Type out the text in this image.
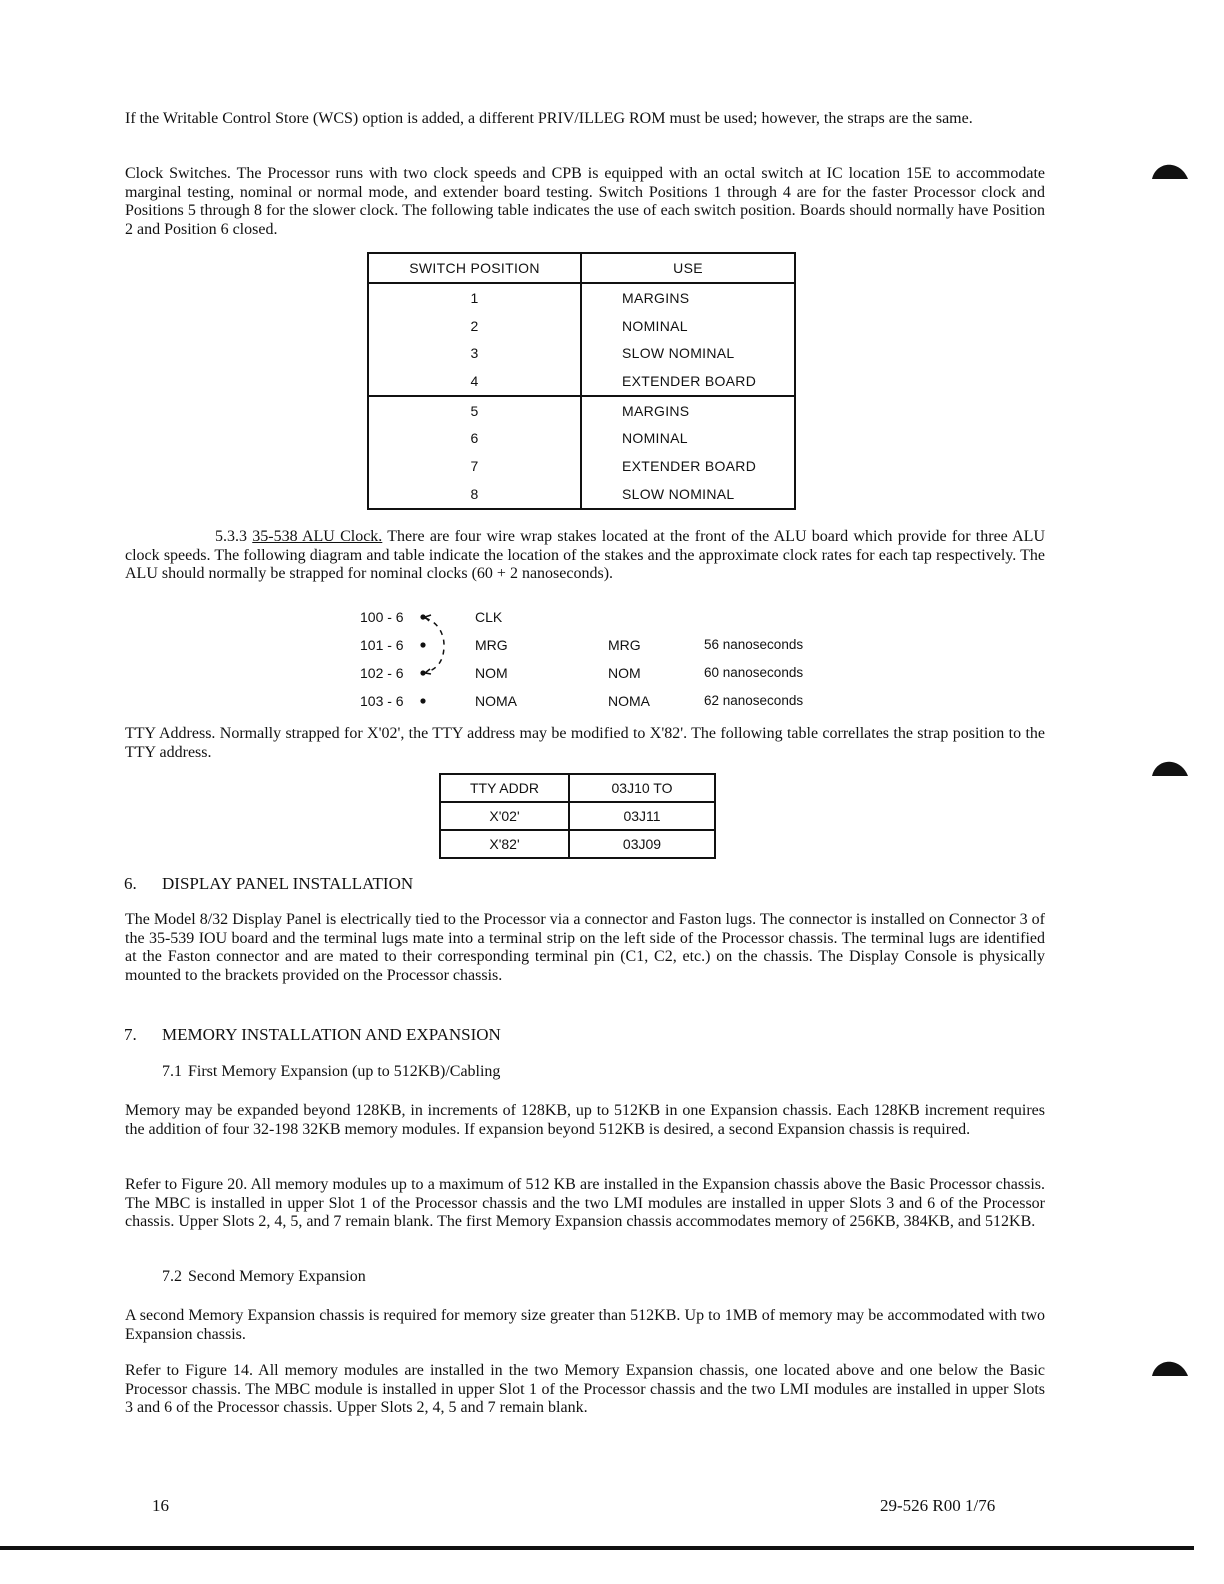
If the Writable Control Store (WCS) option is added, a different PRIV/ILLEG ROM must be used; however, the straps are the same.

Clock Switches. The Processor runs with two clock speeds and CPB is equipped with an octal switch at IC location 15E to accommodate marginal testing, nominal or normal mode, and extender board testing. Switch Positions 1 through 4 are for the faster Processor clock and Positions 5 through 8 for the slower clock. The following table indicates the use of each switch position. Boards should normally have Position 2 and Position 6 closed.

SWITCH POSITION	USE
1	MARGINS
2	NOMINAL
3	SLOW NOMINAL
4	EXTENDER BOARD
5	MARGINS
6	NOMINAL
7	EXTENDER BOARD
8	SLOW NOMINAL

5.3.3 35-538 ALU Clock. There are four wire wrap stakes located at the front of the ALU board which provide for three ALU clock speeds. The following diagram and table indicate the location of the stakes and the approximate clock rates for each tap respectively. The ALU should normally be strapped for nominal clocks (60 + 2 nanoseconds).

100 - 6	CLK
101 - 6	MRG	MRG	56 nanoseconds
102 - 6	NOM	NOM	60 nanoseconds
103 - 6	NOMA	NOMA	62 nanoseconds

TTY Address. Normally strapped for X'02', the TTY address may be modified to X'82'. The following table correllates the strap position to the TTY address.

TTY ADDR	03J10 TO
X'02'	03J11
X'82'	03J09
6. DISPLAY PANEL INSTALLATION

The Model 8/32 Display Panel is electrically tied to the Processor via a connector and Faston lugs. The connector is installed on Connector 3 of the 35-539 IOU board and the terminal lugs mate into a terminal strip on the left side of the Processor chassis. The terminal lugs are identified at the Faston connector and are mated to their corresponding terminal pin (C1, C2, etc.) on the chassis. The Display Console is physically mounted to the brackets provided on the Processor chassis.

7. MEMORY INSTALLATION AND EXPANSION
7.1 First Memory Expansion (up to 512KB)/Cabling

Memory may be expanded beyond 128KB, in increments of 128KB, up to 512KB in one Expansion chassis. Each 128KB increment requires the addition of four 32-198 32KB memory modules. If expansion beyond 512KB is desired, a second Expansion chassis is required.

Refer to Figure 20. All memory modules up to a maximum of 512 KB are installed in the Expansion chassis above the Basic Processor chassis. The MBC is installed in upper Slot 1 of the Processor chassis and the two LMI modules are installed in upper Slots 3 and 6 of the Processor chassis. Upper Slots 2, 4, 5, and 7 remain blank. The first Memory Expansion chassis accommodates memory of 256KB, 384KB, and 512KB.

7.2 Second Memory Expansion

A second Memory Expansion chassis is required for memory size greater than 512KB. Up to 1MB of memory may be accommodated with two Expansion chassis.

Refer to Figure 14. All memory modules are installed in the two Memory Expansion chassis, one located above and one below the Basic Processor chassis. The MBC module is installed in upper Slot 1 of the Processor chassis and the two LMI modules are installed in upper Slots 3 and 6 of the Processor chassis. Upper Slots 2, 4, 5 and 7 remain blank.

16	29-526 R00 1/76
